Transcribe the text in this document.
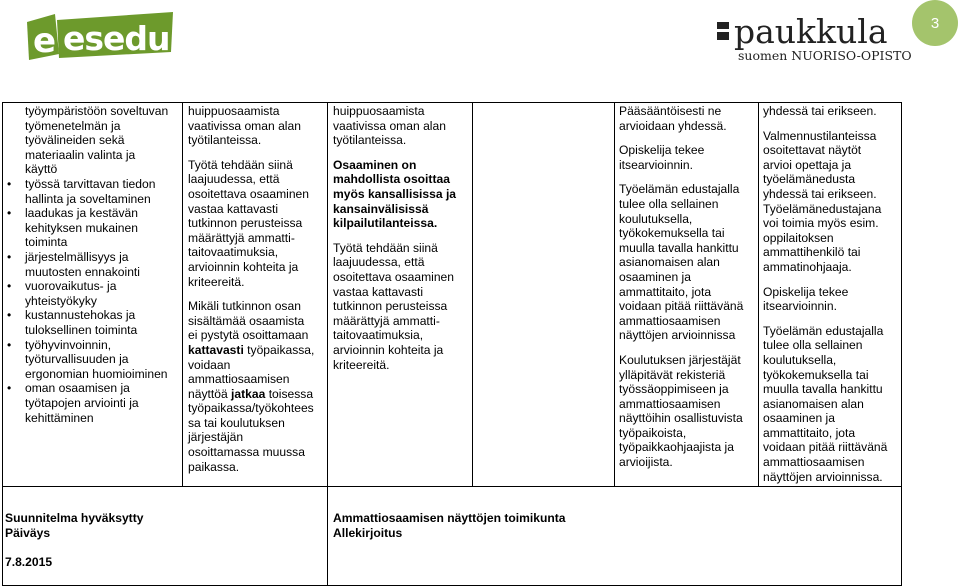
e esedu	paukkula
suomen NUORISO-OPISTO
3
työympäristöön soveltuvan
työmenetelmän ja
työvälineiden sekä
materiaalin valinta ja
käyttö
• työssä tarvittavan tiedon
hallinta ja soveltaminen
• laadukas ja kestävän
kehityksen mukainen
toiminta
• järjestelmällisyys ja
muutosten ennakointi
• vuorovaikutus- ja
yhteistyökyky
• kustannustehokas ja
tuloksellinen toiminta
• työhyvinvoinnin,
työturvallisuuden ja
ergonomian huomioiminen
• oman osaamisen ja
työtapojen arviointi ja
kehittäminen

huippuosaamista
vaativissa oman alan
työtilanteissa.

Työtä tehdään siinä
laajuudessa, että
osoitettava osaaminen
vastaa kattavasti
tutkinnon perusteissa
määrättyjä ammatti-
taitovaatimuksia,
arvioinnin kohteita ja
kriteereitä.

Mikäli tutkinnon osan
sisältämää osaamista
ei pystytä osoittamaan
kattavasti työpaikassa,
voidaan
ammattiosaamisen
näyttöä jatkaa toisessa
työpaikassa/työkohtees
sa tai koulutuksen
järjestäjän
osoittamassa muussa
paikassa.

huippuosaamista
vaativissa oman alan
työtilanteissa.

Osaaminen on
mahdollista osoittaa
myös kansallisissa ja
kansainvälisissä
kilpailutilanteissa.

Työtä tehdään siinä
laajuudessa, että
osoitettava osaaminen
vastaa kattavasti
tutkinnon perusteissa
määrättyjä ammatti-
taitovaatimuksia,
arvioinnin kohteita ja
kriteereitä.

Pääsääntöisesti ne
arvioidaan yhdessä.

Opiskelija tekee
itsearvioinnin.

Työelämän edustajalla
tulee olla sellainen
koulutuksella,
työkokemuksella tai
muulla tavalla hankittu
asianomaisen alan
osaaminen ja
ammattitaito, jota
voidaan pitää riittävänä
ammattiosaamisen
näyttöjen arvioinnissa

Koulutuksen järjestäjät
ylläpitävät rekisteriä
työssäoppimiseen ja
ammattiosaamisen
näyttöihin osallistuvista
työpaikoista,
työpaikkaohjaajista ja
arvioijista.

yhdessä tai erikseen.

Valmennustilanteissa
osoitettavat näytöt
arvioi opettaja ja
työelämänedusta
yhdessä tai erikseen.
Työelämänedustajana
voi toimia myös esim.
oppilaitoksen
ammattihenkilö tai
ammatinohjaaja.

Opiskelija tekee
itsearvioinnin.

Työelämän edustajalla
tulee olla sellainen
koulutuksella,
työkokemuksella tai
muulla tavalla hankittu
asianomaisen alan
osaaminen ja
ammattitaito, jota
voidaan pitää riittävänä
ammattiosaamisen
näyttöjen arvioinnissa.

Suunnitelma hyväksytty
Päiväys
7.8.2015
Ammattiosaamisen näyttöjen toimikunta
Allekirjoitus
